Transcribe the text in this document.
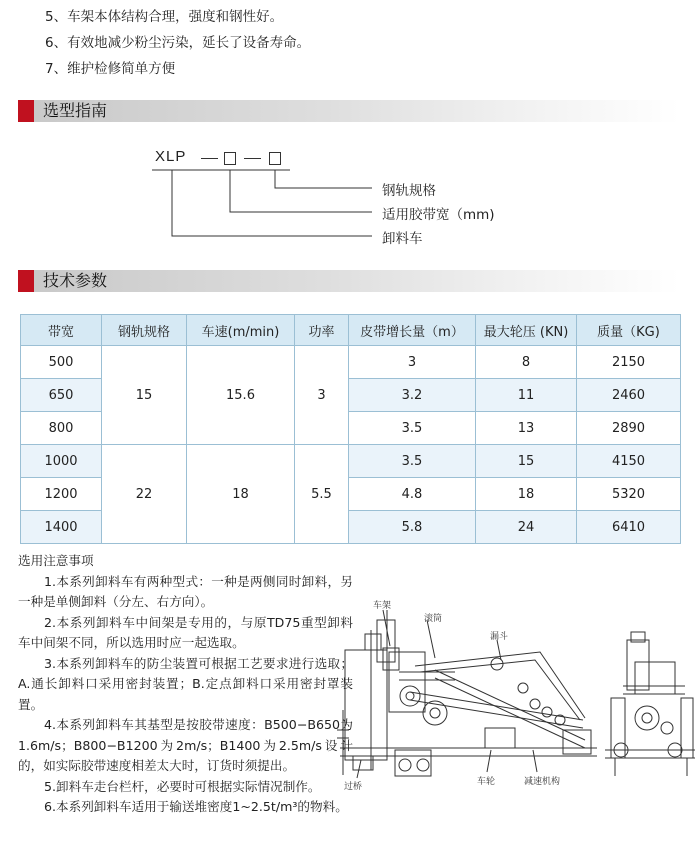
5、车架本体结构合理，强度和钢性好。
6、有效地减少粉尘污染，延长了设备寿命。
7、维护检修简单方便
选型指南
XLP
钢轨规格
适用胶带宽（mm)
卸料车
技术参数
带宽	钢轨规格	车速(m/min)	功率	皮带增长量（m）	最大轮压 (KN)	质量（KG)
500	15	15.6	3	3	8	2150
650				3.2	11	2460
800				3.5	13	2890
1000	22	18	5.5	3.5	15	4150
1200				4.8	18	5320
1400				5.8	24	6410

选用注意事项

1.本系列卸料车有两种型式：一种是两侧同时卸料，另一种是单侧卸料（分左、右方向）。

2.本系列卸料车中间架是专用的，与原TD75重型卸料车中间架不同，所以选用时应一起选取。

3.本系列卸料车的防尘装置可根据工艺要求进行选取；A.通长卸料口采用密封装置；B.定点卸料口采用密封罩装置。

4.本系列卸料车其基型是按胶带速度：B500−B650为1.6m/s；B800−B1200为2m/s；B1400为2.5m/s设计的，如实际胶带速度相差太大时，订货时须提出。

5.卸料车走台栏杆，必要时可根据实际情况制作。

6.本系列卸料车适用于输送堆密度1~2.5t/m³的物料。

车架
滚筒
漏斗
过桥	车轮	减速机构
